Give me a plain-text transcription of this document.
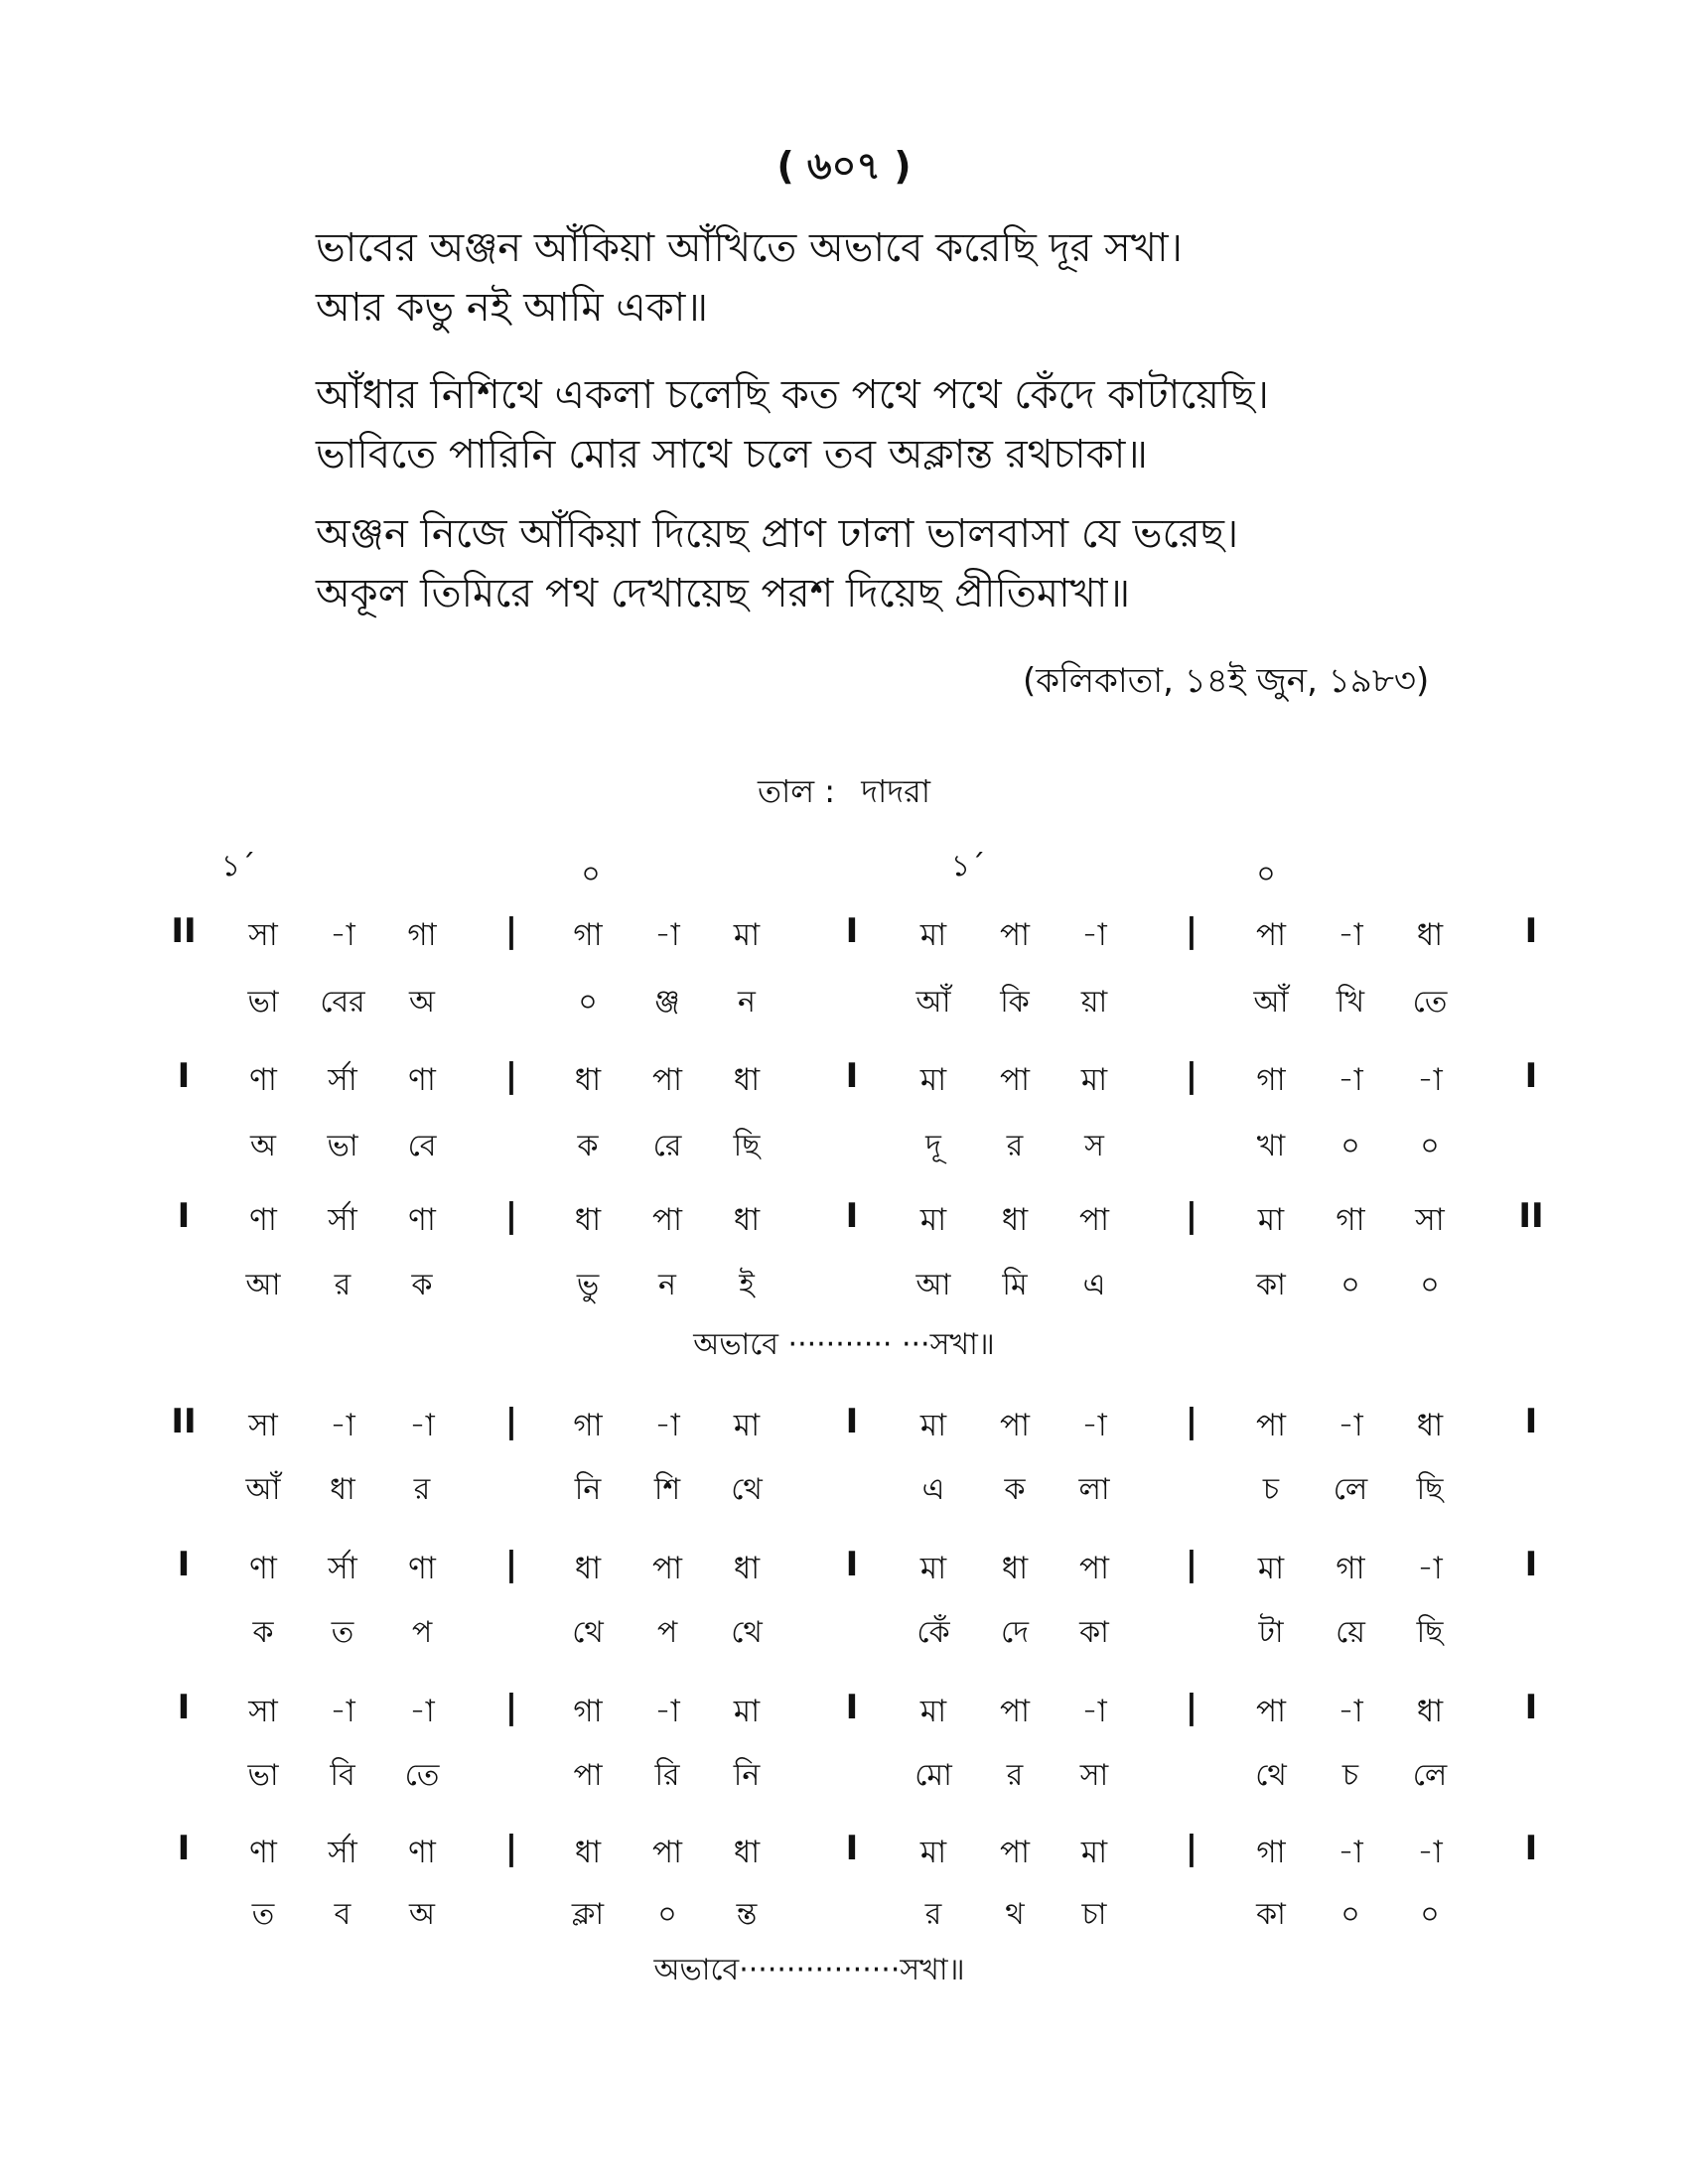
( ৬০৭ )
ভাবের অঞ্জন আঁকিয়া আঁখিতে অভাবে করেছি দূর সখা।
আর কভু নই আমি একা॥
আঁধার নিশিথে একলা চলেছি কত পথে পথে কেঁদে কাটায়েছি।
ভাবিতে পারিনি মোর সাথে চলে তব অক্লান্ত রথচাকা॥
অঞ্জন নিজে আঁকিয়া দিয়েছ প্রাণ ঢালা ভালবাসা যে ভরেছ।
অকূল তিমিরে পথ দেখায়েছ পরশ দিয়েছ প্রীতিমাখা॥
(কলিকাতা, ১৪ই জুন, ১৯৮৩)
তাল : দাদরা
১´	০	১´	০
II সা -া গা | গা -া মা	I মা পা -া | পা -া ধা I
ভা বের অ	০ ঞ্জ ন	আঁ কি য়া	আঁ খি তে
I ণা র্সা ণা | ধা পা ধা	I মা পা মা | গা -া -া I
অ ভা বে	ক রে ছি	দূ র স	খা ০ ০
I ণা র্সা ণা | ধা পা ধা	I মা ধা পা | মা গা সা II
আ র ক	ভু ন ই	আ মি এ	কা ০ ০
II সা -া -া | গা -া মা	I মা পা -া | পা -া ধা I
আঁ ধা র	নি শি থে	এ ক লা	চ লে ছি
I ণা র্সা ণা | ধা পা ধা	I মা ধা পা | মা গা -া I
ক ত প	থে প থে	কেঁ দে কা	টা য়ে ছি
I সা -া -া | গা -া মা	I মা পা -া | পা -া ধা I
ভা বি তে	পা রি নি	মো র সা	থে চ লে
I ণা র্সা ণা | ধা পা ধা	I মা পা মা | গা -া -া I
ত ব অ	ক্লা ০ ন্ত	র থ চা	কা ০ ০
অভাবে ··········· ···সখা॥
অভাবে·················সখা॥
